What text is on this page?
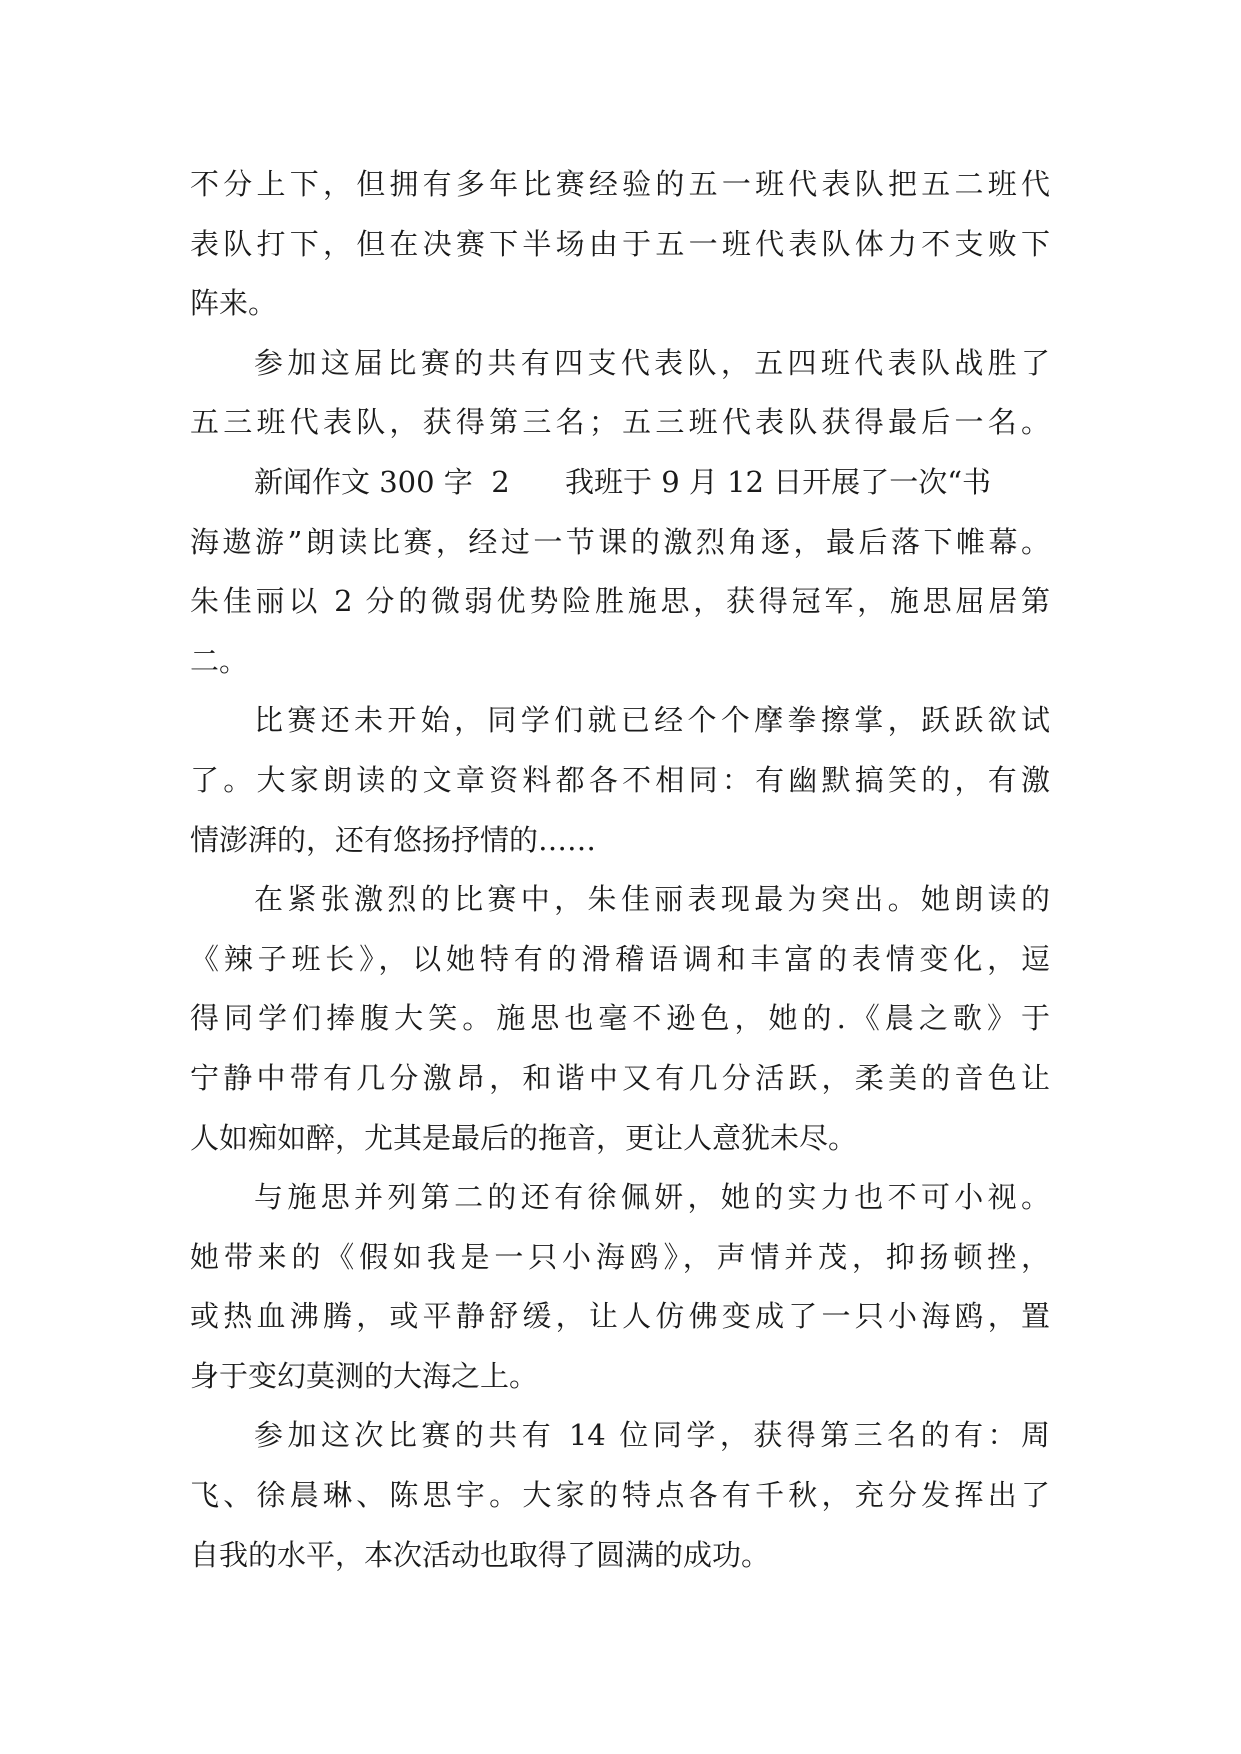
不分上下，但拥有多年比赛经验的五一班代表队把五二班代
表队打下，但在决赛下半场由于五一班代表队体力不支败下
阵来。
参加这届比赛的共有四支代表队，五四班代表队战胜了
五三班代表队，获得第三名；五三班代表队获得最后一名。
新闻作文 300 字  2      我班于 9 月 12 日开展了一次“书
海遨游”朗读比赛，经过一节课的激烈角逐，最后落下帷幕。
朱佳丽以 2 分的微弱优势险胜施思，获得冠军，施思屈居第
二。
比赛还未开始，同学们就已经个个摩拳擦掌，跃跃欲试
了。大家朗读的文章资料都各不相同：有幽默搞笑的，有激
情澎湃的，还有悠扬抒情的……
在紧张激烈的比赛中，朱佳丽表现最为突出。她朗读的
《辣子班长》，以她特有的滑稽语调和丰富的表情变化，逗
得同学们捧腹大笑。施思也毫不逊色，她的.《晨之歌》于
宁静中带有几分激昂，和谐中又有几分活跃，柔美的音色让
人如痴如醉，尤其是最后的拖音，更让人意犹未尽。
与施思并列第二的还有徐佩妍，她的实力也不可小视。
她带来的《假如我是一只小海鸥》，声情并茂，抑扬顿挫，
或热血沸腾，或平静舒缓，让人仿佛变成了一只小海鸥，置
身于变幻莫测的大海之上。
参加这次比赛的共有 14 位同学，获得第三名的有：周
飞、徐晨琳、陈思宇。大家的特点各有千秋，充分发挥出了
自我的水平，本次活动也取得了圆满的成功。
